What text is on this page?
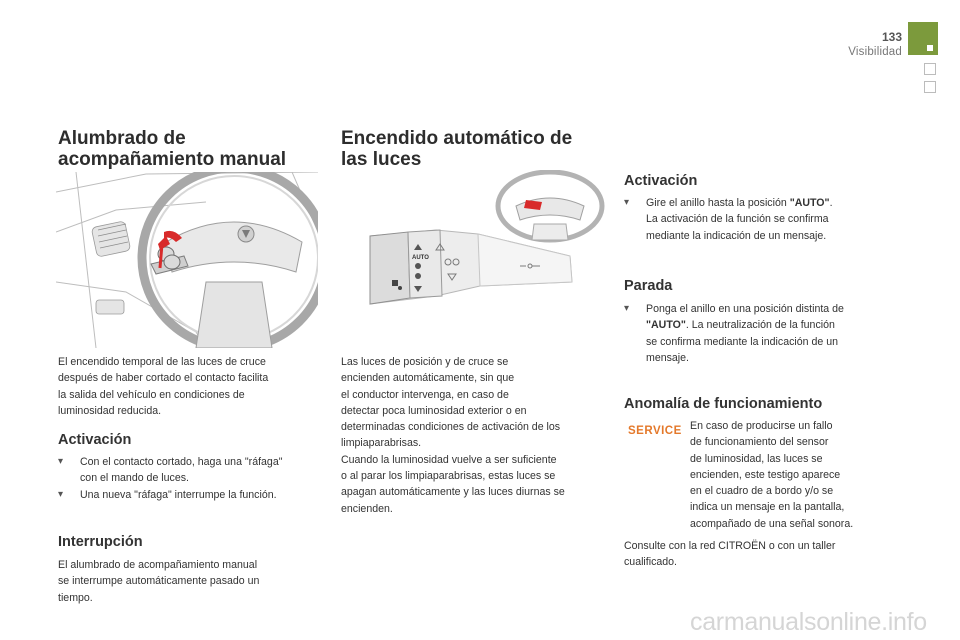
133
Visibilidad
Alumbrado de
acompañamiento manual

El encendido temporal de las luces de cruce

después de haber cortado el contacto facilita

la salida del vehículo en condiciones de

luminosidad reducida.

Activación
▾	Con el contacto cortado, haga una "ráfaga"
con el mando de luces.
▾	Una nueva "ráfaga" interrumpe la función.
Interrupción

El alumbrado de acompañamiento manual

se interrumpe automáticamente pasado un

tiempo.

Encendido automático de
las luces
AUTO

Las luces de posición y de cruce se

encienden automáticamente, sin que

el conductor intervenga, en caso de

detectar poca luminosidad exterior o en

determinadas condiciones de activación de los

limpiaparabrisas.

Cuando la luminosidad vuelve a ser suficiente

o al parar los limpiaparabrisas, estas luces se

apagan automáticamente y las luces diurnas se

encienden.

Activación
▾	Gire el anillo hasta la posición "AUTO".
La activación de la función se confirma
mediante la indicación de un mensaje.
Parada
▾	Ponga el anillo en una posición distinta de
"AUTO". La neutralización de la función
se confirma mediante la indicación de un
mensaje.
Anomalía de funcionamiento
SERVICE En caso de producirse un fallo

de funcionamiento del sensor

de luminosidad, las luces se

encienden, este testigo aparece

en el cuadro de a bordo y/o se

indica un mensaje en la pantalla,

acompañado de una señal sonora.

Consulte con la red CITROËN o con un taller

cualificado.

carmanualsonline.info
